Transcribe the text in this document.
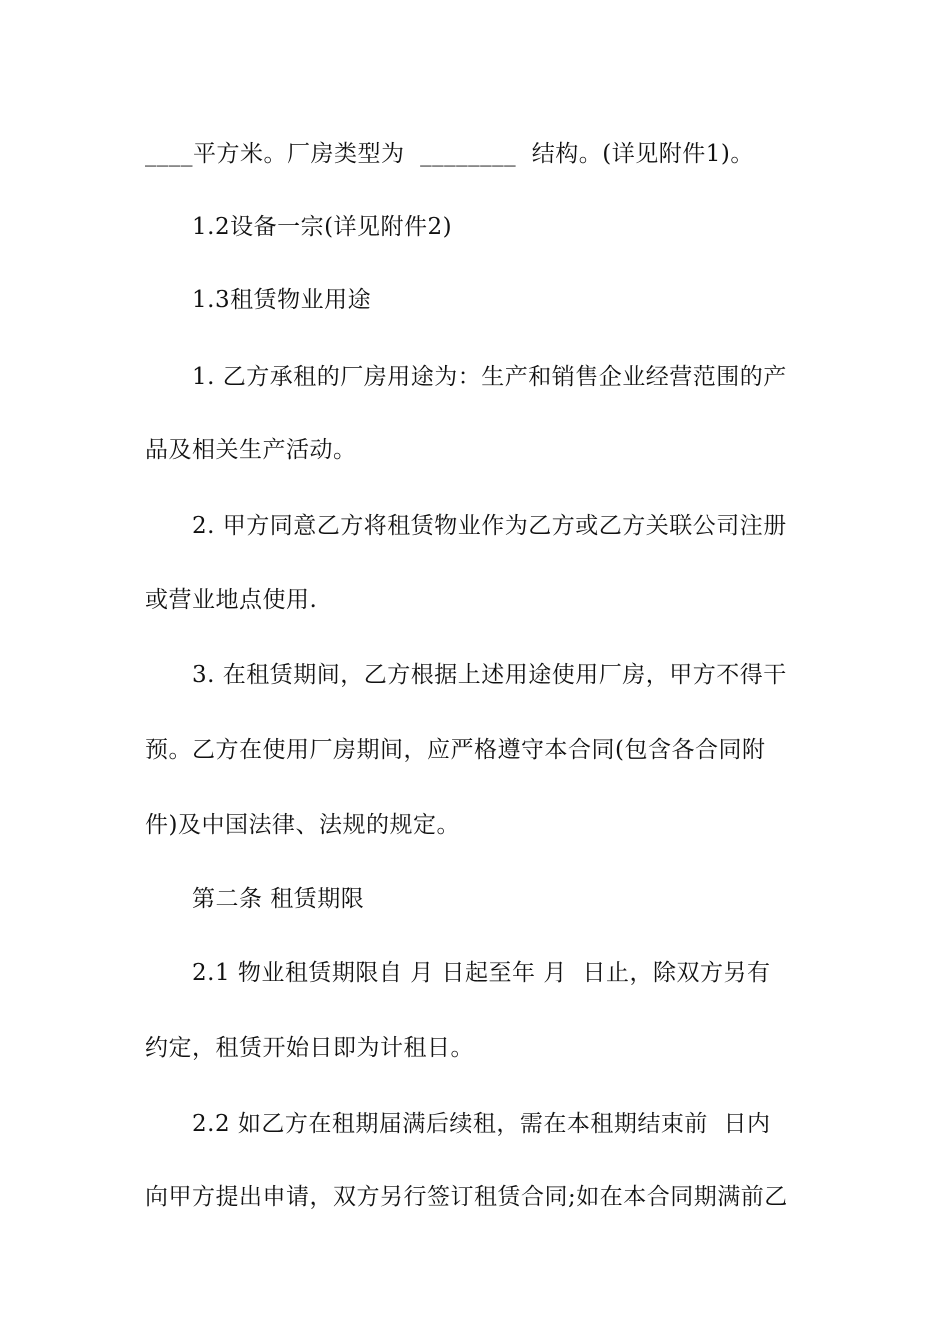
____平方米。厂房类型为  ________  结构。(详见附件1)。
1.2设备一宗(详见附件2)
1.3租赁物业用途
1. 乙方承租的厂房用途为：生产和销售企业经营范围的产
品及相关生产活动。
2. 甲方同意乙方将租赁物业作为乙方或乙方关联公司注册
或营业地点使用.
3. 在租赁期间，乙方根据上述用途使用厂房，甲方不得干
预。乙方在使用厂房期间，应严格遵守本合同(包含各合同附
件)及中国法律、法规的规定。
第二条 租赁期限
2.1 物业租赁期限自 月 日起至年 月  日止，除双方另有
约定，租赁开始日即为计租日。
2.2 如乙方在租期届满后续租，需在本租期结束前  日内
向甲方提出申请，双方另行签订租赁合同;如在本合同期满前乙
